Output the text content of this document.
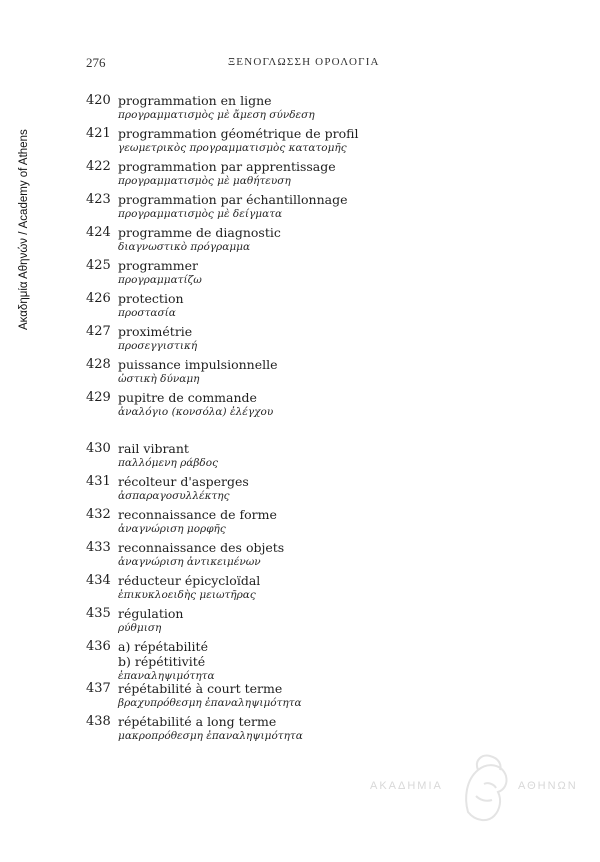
Ακαδημία Αθηνών / Academy of Athens
276	ΞΕΝΟΓΛΩΣΣΗ ΟΡΟΛΟΓΙΑ
420 programmation en ligne
προγραμματισμὸς μὲ ἄμεση σύνδεση
421 programmation géométrique de profil
γεωμετρικὸς προγραμματισμὸς κατατομῆς
422 programmation par apprentissage
προγραμματισμὸς μὲ μαθήτευση
423 programmation par échantillonnage
προγραμματισμὸς μὲ δείγματα
424 programme de diagnostic
διαγνωστικὸ πρόγραμμα
425 programmer
προγραμματίζω
426 protection
προστασία
427 proximétrie
προσεγγιστική
428 puissance impulsionnelle
ὠστικὴ δύναμη
429 pupitre de commande
ἀναλόγιο (κονσόλα) ἐλέγχου
430 rail vibrant
παλλόμενη ράβδος
431 récolteur d'asperges
ἀσπαραγοσυλλέκτης
432 reconnaissance de forme
ἀναγνώριση μορφῆς
433 reconnaissance des objets
ἀναγνώριση ἀντικειμένων
434 réducteur épicycloïdal
ἐπικυκλοειδὴς μειωτῆρας
435 régulation
ρύθμιση
436 a) répétabilité
b) répétitivité
ἐπαναληψιμότητα
437 répétabilité à court terme
βραχυπρόθεσμη ἐπαναληψιμότητα
438 répétabilité a long terme
μακροπρόθεσμη ἐπαναληψιμότητα
ΑΚΑΔΗΜΙΑ	ΑΘΗΝΩΝ
